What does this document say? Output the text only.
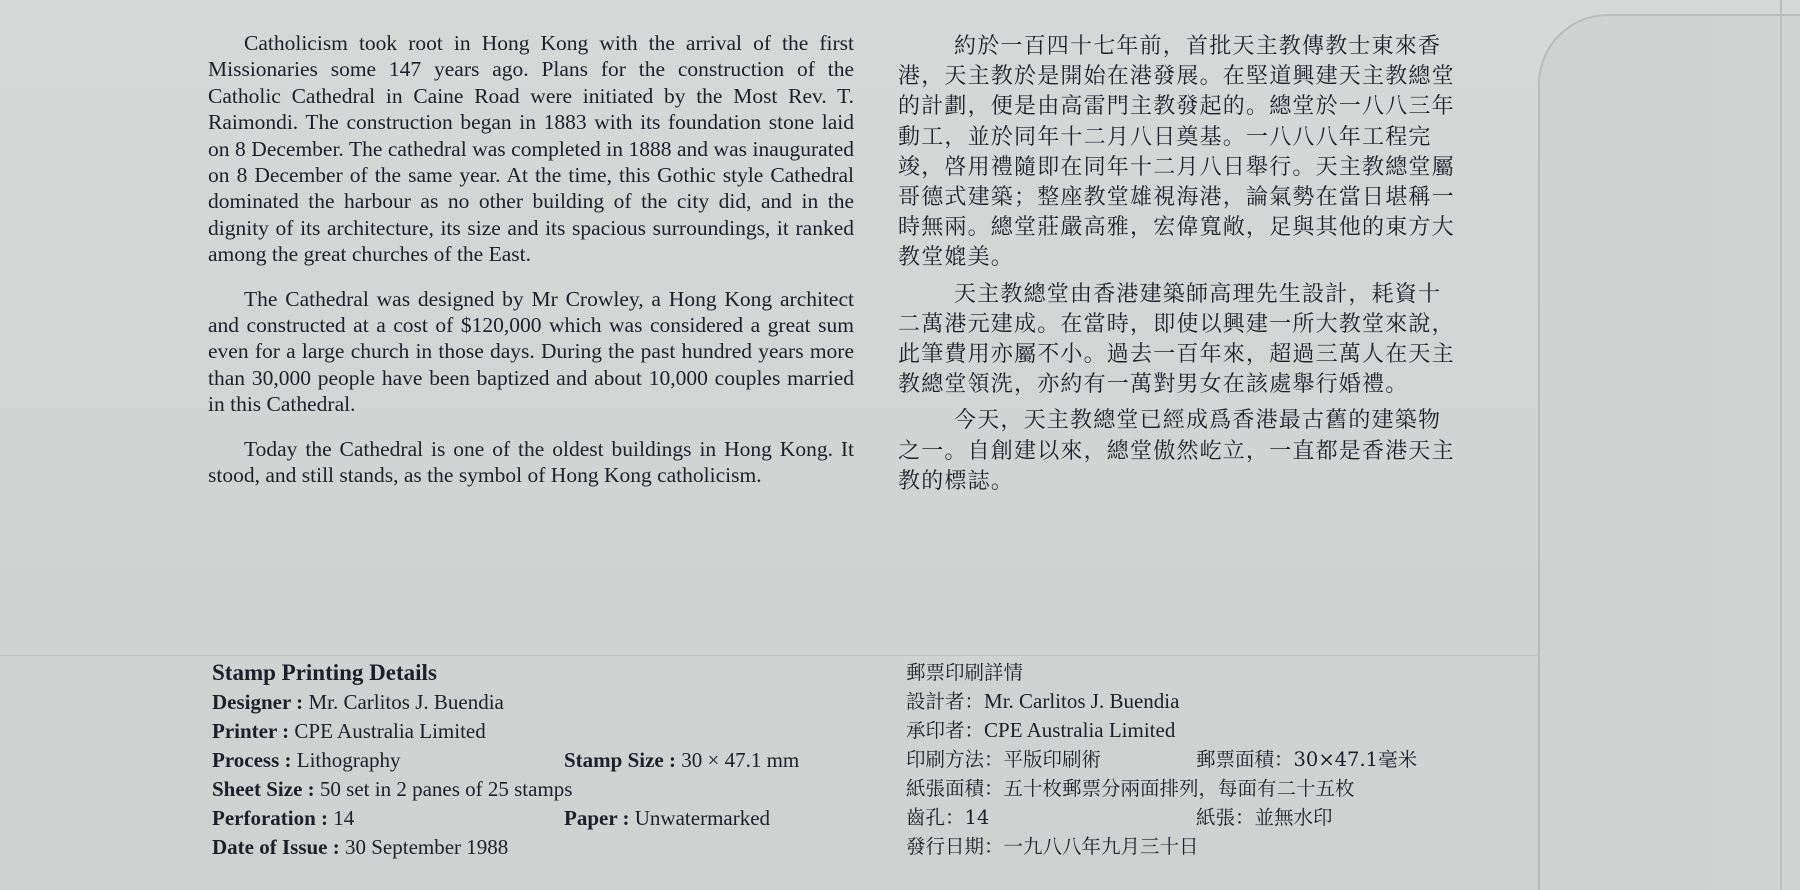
Catholicism took root in Hong Kong with the arrival of the first Missionaries some 147 years ago. Plans for the construction of the Catholic Cathedral in Caine Road were initiated by the Most Rev. T. Raimondi. The construction began in 1883 with its foundation stone laid on 8 December. The cathedral was completed in 1888 and was inaugurated on 8 December of the same year. At the time, this Gothic style Cathedral dominated the harbour as no other building of the city did, and in the dignity of its architecture, its size and its spacious surroundings, it ranked among the great churches of the East.

The Cathedral was designed by Mr Crowley, a Hong Kong architect and constructed at a cost of $120,000 which was considered a great sum even for a large church in those days. During the past hundred years more than 30,000 people have been baptized and about 10,000 couples married in this Cathedral.

Today the Cathedral is one of the oldest buildings in Hong Kong. It stood, and still stands, as the symbol of Hong Kong catholicism.

約於一百四十七年前，首批天主教傳教士東來香港，天主教於是開始在港發展。在堅道興建天主教總堂的計劃，便是由高雷門主教發起的。總堂於一八八三年動工，並於同年十二月八日奠基。一八八八年工程完竣，啓用禮隨即在同年十二月八日舉行。天主教總堂屬哥德式建築；整座教堂雄視海港，論氣勢在當日堪稱一時無兩。總堂莊嚴高雅，宏偉寬敞，足與其他的東方大教堂媲美。

天主教總堂由香港建築師高理先生設計，耗資十二萬港元建成。在當時，即使以興建一所大教堂來說，此筆費用亦屬不小。過去一百年來，超過三萬人在天主教總堂領洗，亦約有一萬對男女在該處舉行婚禮。

今天，天主教總堂已經成爲香港最古舊的建築物之一。自創建以來，總堂傲然屹立，一直都是香港天主教的標誌。

Stamp Printing Details
Designer : Mr. Carlitos J. Buendia
Printer : CPE Australia Limited
Process : Lithography	Stamp Size : 30 × 47.1 mm
Sheet Size : 50 set in 2 panes of 25 stamps
Perforation : 14	Paper : Unwatermarked
Date of Issue : 30 September 1988
郵票印刷詳情
設計者：Mr. Carlitos J. Buendia
承印者：CPE Australia Limited
印刷方法：平版印刷術	郵票面積：30×47.1毫米
紙張面積：五十枚郵票分兩面排列，每面有二十五枚
齒孔：14	紙張：並無水印
發行日期：一九八八年九月三十日
